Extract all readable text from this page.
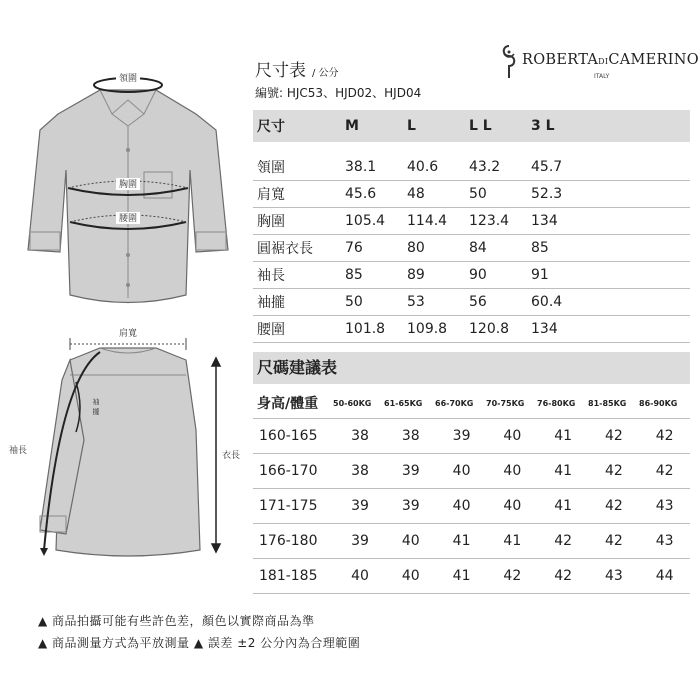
領圍
胸圍
腰圍
肩寬
袖長	衣長
袖
攏
尺寸表 / 公分
編號: HJC53、HJD02、HJD04
ROBERTADICAMERINO
ITALY
尺寸	M	L	L L	3 L
領圍	38.1	40.6	43.2	45.7
肩寬	45.6	48	50	52.3
胸圍	105.4	114.4	123.4	134
圓裾衣長	76	80	84	85
袖長	85	89	90	91
袖攏	50	53	56	60.4
腰圍	101.8	109.8	120.8	134
尺碼建議表
身高/體重	50-60KG	61-65KG	66-70KG	70-75KG	76-80KG	81-85KG	86-90KG
160-165	38	38	39	40	41	42	42
166-170	38	39	40	40	41	42	42
171-175	39	39	40	40	41	42	43
176-180	39	40	41	41	42	42	43
181-185	40	40	41	42	42	43	44
▲ 商品拍攝可能有些許色差，顏色以實際商品為準
▲ 商品測量方式為平放測量 ▲ 誤差 ±2 公分內為合理範圍
